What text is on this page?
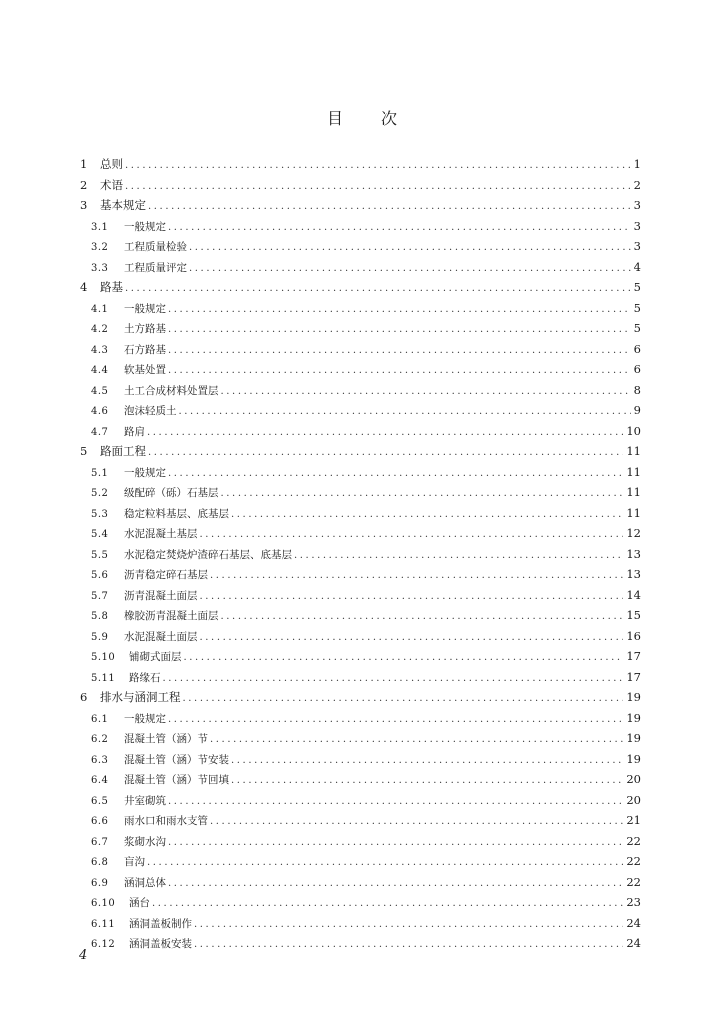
目 次
1	总则 .....	1
2	术语 .....	2
3	基本规定 .....	3
3.1	一般规定 .....	3
3.2	工程质量检验 .....	3
3.3	工程质量评定 .....	4
4	路基 .....	5
4.1	一般规定 .....	5
4.2	土方路基 .....	5
4.3	石方路基 .....	6
4.4	软基处置 .....	6
4.5	土工合成材料处置层 .....	8
4.6	泡沫轻质土 .....	9
4.7	路肩 .....	10
5	路面工程 .....	11
5.1	一般规定 .....	11
5.2	级配碎（砾）石基层 .....	11
5.3	稳定粒料基层、底基层 .....	11
5.4	水泥混凝土基层 .....	12
5.5	水泥稳定焚烧炉渣碎石基层、底基层 .....	13
5.6	沥青稳定碎石基层 .....	13
5.7	沥青混凝土面层 .....	14
5.8	橡胶沥青混凝土面层 .....	15
5.9	水泥混凝土面层 .....	16
5.10	铺砌式面层 .....	17
5.11	路缘石 .....	17
6	排水与涵洞工程 .....	19
6.1	一般规定 .....	19
6.2	混凝土管（涵）节 .....	19
6.3	混凝土管（涵）节安装 .....	19
6.4	混凝土管（涵）节回填 .....	20
6.5	井室砌筑 .....	20
6.6	雨水口和雨水支管 .....	21
6.7	浆砌水沟 .....	22
6.8	盲沟 .....	22
6.9	涵洞总体 .....	22
6.10	涵台 .....	23
6.11	涵洞盖板制作 .....	24
6.12	涵洞盖板安装 .....	24
4
